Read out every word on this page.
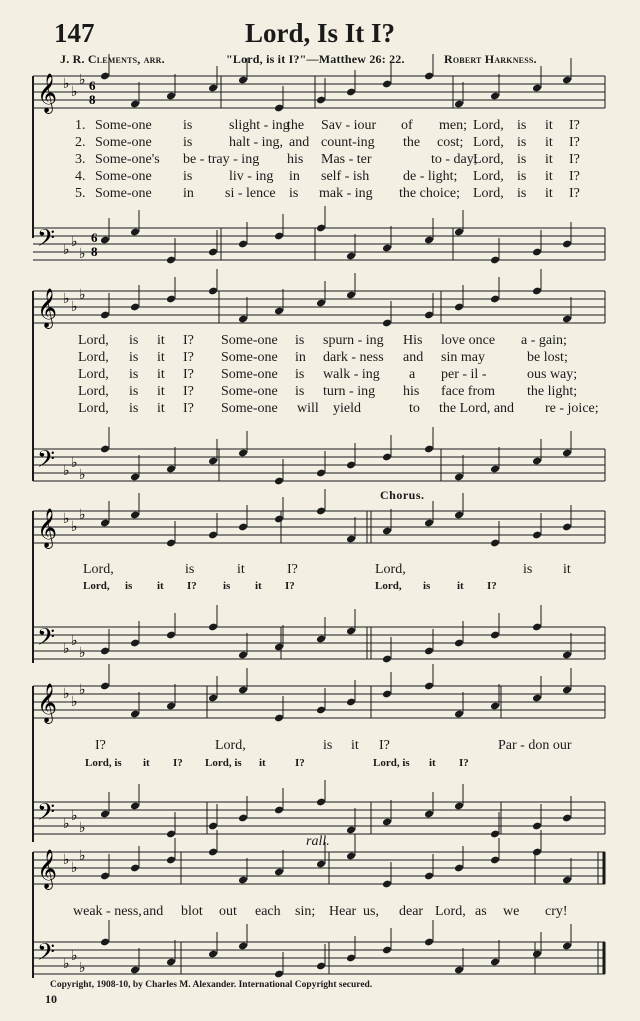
Lord, Is It I?
147
J. R. Clements, arr.	"Lord, is it I?"—Matthew 26: 22.	Robert Harkness.
𝄞 ♭
♭
♭ 6
8
1. Some-one is	slight - ing
the Sav - iour of men; Lord, is it I?
2. Some-one is	halt - ing, and count-ing the cost; Lord, is it I?
3. Some-one's be - tray - ing his Mas - ter	to - day;
Lord, is it I?
4. Some-one is	liv - ing in self - ish de - light; Lord, is it I?
5. Some-one in si - lence is mak - ing the choice; Lord, is it I?
𝄢 ♭
♭
♭
6
8
𝄞 ♭
♭
♭
Lord, is it I? Some-one is spurn - ing His love once a - gain;
Lord, is it I? Some-one in dark - ness and sin may	be lost;
Lord, is it I? Some-one is walk - ing a per - il -	ous way;
Lord, is it I? Some-one is turn - ing his face from the light;
Lord, is it I? Some-one will yield	to the Lord, and re - joice;
𝄢 ♭
♭
♭
Chorus.
𝄞 ♭
♭
♭
Lord,	is	it	I?	Lord,	is it
Lord, is it I? is it I?	Lord, is it I?
𝄢 ♭
♭
♭
𝄞 ♭
♭
♭
I?	Lord,	is it I?	Par - don our
Lord, is it I? Lord, is it	I?	Lord, is it I?
𝄢 ♭
♭
♭
rall.
𝄞 ♭
♭
♭
weak - ness, and blot out each sin; Hear us, dear Lord, as we cry!
𝄢 ♭
♭
♭
Copyright, 1908-10, by Charles M. Alexander. International Copyright secured.
10
